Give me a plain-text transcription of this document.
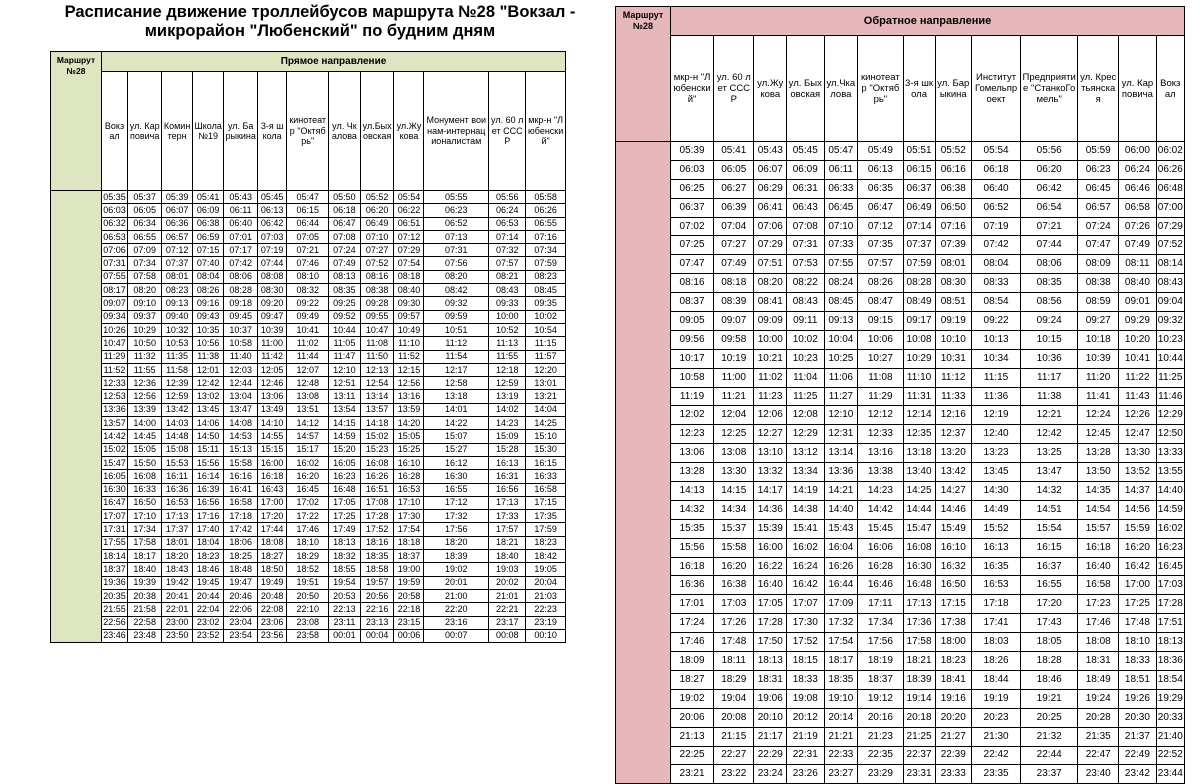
Расписание движение троллейбусов маршрута №28 "Вокзал -
микрорайон "Любенский" по будним дням
Маршрут №28	Прямое направление												
	Вокзал	ул. Карповича	Коминтерн	Школа №19	ул. Барыкина	3-я школа	кинотеатр "Октябрь"	ул. Чкалова	ул.Быховская	ул.Жукова	Монумент воинам-интернационалистам	ул. 60 лет СССР	мкр-н "Любенский"
	05:35	05:37	05:39	05:41	05:43	05:45	05:47	05:50	05:52	05:54	05:55	05:56	05:58
	06:03	06:05	06:07	06:09	06:11	06:13	06:15	06:18	06:20	06:22	06:23	06:24	06:26
	06:32	06:34	06:36	06:38	06:40	06:42	06:44	06:47	06:49	06:51	06:52	06:53	06:55
	06:53	06:55	06:57	06:59	07:01	07:03	07:05	07:08	07:10	07:12	07:13	07:14	07:16
	07:06	07:09	07:12	07:15	07:17	07:19	07:21	07:24	07:27	07:29	07:31	07:32	07:34
	07:31	07:34	07:37	07:40	07:42	07:44	07:46	07:49	07:52	07:54	07:56	07:57	07:59
	07:55	07:58	08:01	08:04	08:06	08:08	08:10	08:13	08:16	08:18	08:20	08:21	08:23
	08:17	08:20	08:23	08:26	08:28	08:30	08:32	08:35	08:38	08:40	08:42	08:43	08:45
	09:07	09:10	09:13	09:16	09:18	09:20	09:22	09:25	09:28	09:30	09:32	09:33	09:35
	09:34	09:37	09:40	09:43	09:45	09:47	09:49	09:52	09:55	09:57	09:59	10:00	10:02
	10:26	10:29	10:32	10:35	10:37	10:39	10:41	10:44	10:47	10:49	10:51	10:52	10:54
	10:47	10:50	10:53	10:56	10:58	11:00	11:02	11:05	11:08	11:10	11:12	11:13	11:15
	11:29	11:32	11:35	11:38	11:40	11:42	11:44	11:47	11:50	11:52	11:54	11:55	11:57
	11:52	11:55	11:58	12:01	12:03	12:05	12:07	12:10	12:13	12:15	12:17	12:18	12:20
	12:33	12:36	12:39	12:42	12:44	12:46	12:48	12:51	12:54	12:56	12:58	12:59	13:01
	12:53	12:56	12:59	13:02	13:04	13:06	13:08	13:11	13:14	13:16	13:18	13:19	13:21
	13:36	13:39	13:42	13:45	13:47	13:49	13:51	13:54	13:57	13:59	14:01	14:02	14:04
	13:57	14:00	14:03	14:06	14:08	14:10	14:12	14:15	14:18	14:20	14:22	14:23	14:25
	14:42	14:45	14:48	14:50	14:53	14:55	14:57	14:59	15:02	15:05	15:07	15:09	15:10
	15:02	15:05	15:08	15:11	15:13	15:15	15:17	15:20	15:23	15:25	15:27	15:28	15:30
	15:47	15:50	15:53	15:56	15:58	16:00	16:02	16:05	16:08	16:10	16:12	16:13	16:15
	16:05	16:08	16:11	16:14	16:16	16:18	16:20	16:23	16:26	16:28	16:30	16:31	16:33
	16:30	16:33	16:36	16:39	16:41	16:43	16:45	16:48	16:51	16:53	16:55	16:56	16:58
	16:47	16:50	16:53	16:56	16:58	17:00	17:02	17:05	17:08	17:10	17:12	17:13	17:15
	17:07	17:10	17:13	17:16	17:18	17:20	17:22	17:25	17:28	17:30	17:32	17:33	17:35
	17:31	17:34	17:37	17:40	17:42	17:44	17:46	17:49	17:52	17:54	17:56	17:57	17:59
	17:55	17:58	18:01	18:04	18:06	18:08	18:10	18:13	18:16	18:18	18:20	18:21	18:23
	18:14	18:17	18:20	18:23	18:25	18:27	18:29	18:32	18:35	18:37	18:39	18:40	18:42
	18:37	18:40	18:43	18:46	18:48	18:50	18:52	18:55	18:58	19:00	19:02	19:03	19:05
	19:36	19:39	19:42	19:45	19:47	19:49	19:51	19:54	19:57	19:59	20:01	20:02	20:04
	20:35	20:38	20:41	20:44	20:46	20:48	20:50	20:53	20:56	20:58	21:00	21:01	21:03
	21:55	21:58	22:01	22:04	22:06	22:08	22:10	22:13	22:16	22:18	22:20	22:21	22:23
	22:56	22:58	23:00	23:02	23:04	23:06	23:08	23:11	23:13	23:15	23:16	23:17	23:19
	23:46	23:48	23:50	23:52	23:54	23:56	23:58	00:01	00:04	00:06	00:07	00:08	00:10
Маршрут №28	Обратное направление												
	мкр-н "Любенский"	ул. 60 лет СССР	ул.Жукова	ул. Быховская	ул.Чкалова	кинотеатр "Октябрь"	3-я школа	ул. Барыкина	Институт Гомельпроект	Предприятие "СтанкоГомель"	ул. Крестьянская	ул. Карповича	Вокзал
	05:39	05:41	05:43	05:45	05:47	05:49	05:51	05:52	05:54	05:56	05:59	06:00	06:02
	06:03	06:05	06:07	06:09	06:11	06:13	06:15	06:16	06:18	06:20	06:23	06:24	06:26
	06:25	06:27	06:29	06:31	06:33	06:35	06:37	06:38	06:40	06:42	06:45	06:46	06:48
	06:37	06:39	06:41	06:43	06:45	06:47	06:49	06:50	06:52	06:54	06:57	06:58	07:00
	07:02	07:04	07:06	07:08	07:10	07:12	07:14	07:16	07:19	07:21	07:24	07:26	07:29
	07:25	07:27	07:29	07:31	07:33	07:35	07:37	07:39	07:42	07:44	07:47	07:49	07:52
	07:47	07:49	07:51	07:53	07:55	07:57	07:59	08:01	08:04	08:06	08:09	08:11	08:14
	08:16	08:18	08:20	08:22	08:24	08:26	08:28	08:30	08:33	08:35	08:38	08:40	08:43
	08:37	08:39	08:41	08:43	08:45	08:47	08:49	08:51	08:54	08:56	08:59	09:01	09:04
	09:05	09:07	09:09	09:11	09:13	09:15	09:17	09:19	09:22	09:24	09:27	09:29	09:32
	09:56	09:58	10:00	10:02	10:04	10:06	10:08	10:10	10:13	10:15	10:18	10:20	10:23
	10:17	10:19	10:21	10:23	10:25	10:27	10:29	10:31	10:34	10:36	10:39	10:41	10:44
	10:58	11:00	11:02	11:04	11:06	11:08	11:10	11:12	11:15	11:17	11:20	11:22	11:25
	11:19	11:21	11:23	11:25	11:27	11:29	11:31	11:33	11:36	11:38	11:41	11:43	11:46
	12:02	12:04	12:06	12:08	12:10	12:12	12:14	12:16	12:19	12:21	12:24	12:26	12:29
	12:23	12:25	12:27	12:29	12:31	12:33	12:35	12:37	12:40	12:42	12:45	12:47	12:50
	13:06	13:08	13:10	13:12	13:14	13:16	13:18	13:20	13:23	13:25	13:28	13:30	13:33
	13:28	13:30	13:32	13:34	13:36	13:38	13:40	13:42	13:45	13:47	13:50	13:52	13:55
	14:13	14:15	14:17	14:19	14:21	14:23	14:25	14:27	14:30	14:32	14:35	14:37	14:40
	14:32	14:34	14:36	14:38	14:40	14:42	14:44	14:46	14:49	14:51	14:54	14:56	14:59
	15:35	15:37	15:39	15:41	15:43	15:45	15:47	15:49	15:52	15:54	15:57	15:59	16:02
	15:56	15:58	16:00	16:02	16:04	16:06	16:08	16:10	16:13	16:15	16:18	16:20	16:23
	16:18	16:20	16:22	16:24	16:26	16:28	16:30	16:32	16:35	16:37	16:40	16:42	16:45
	16:36	16:38	16:40	16:42	16:44	16:46	16:48	16:50	16:53	16:55	16:58	17:00	17:03
	17:01	17:03	17:05	17:07	17:09	17:11	17:13	17:15	17:18	17:20	17:23	17:25	17:28
	17:24	17:26	17:28	17:30	17:32	17:34	17:36	17:38	17:41	17:43	17:46	17:48	17:51
	17:46	17:48	17:50	17:52	17:54	17:56	17:58	18:00	18:03	18:05	18:08	18:10	18:13
	18:09	18:11	18:13	18:15	18:17	18:19	18:21	18:23	18:26	18:28	18:31	18:33	18:36
	18:27	18:29	18:31	18:33	18:35	18:37	18:39	18:41	18:44	18:46	18:49	18:51	18:54
	19:02	19:04	19:06	19:08	19:10	19:12	19:14	19:16	19:19	19:21	19:24	19:26	19:29
	20:06	20:08	20:10	20:12	20:14	20:16	20:18	20:20	20:23	20:25	20:28	20:30	20:33
	21:13	21:15	21:17	21:19	21:21	21:23	21:25	21:27	21:30	21:32	21:35	21:37	21:40
	22:25	22:27	22:29	22:31	22:33	22:35	22:37	22:39	22:42	22:44	22:47	22:49	22:52
	23:21	23:22	23:24	23:26	23:27	23:29	23:31	23:33	23:35	23:37	23:40	23:42	23:44
